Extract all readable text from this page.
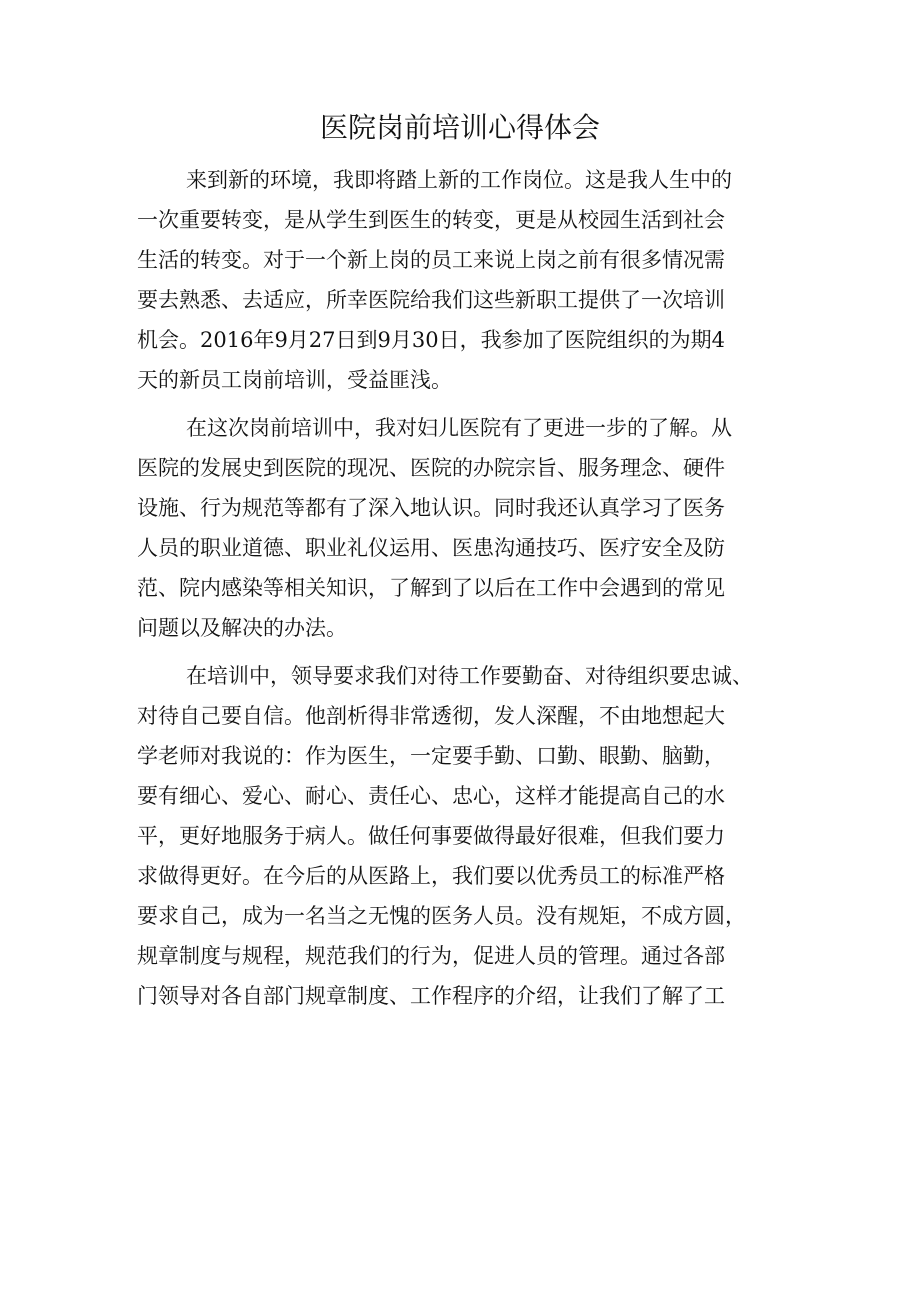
医院岗前培训心得体会

来到新的环境，我即将踏上新的工作岗位。这是我人生中的
一次重要转变，是从学生到医生的转变，更是从校园生活到社会
生活的转变。对于一个新上岗的员工来说上岗之前有很多情况需
要去熟悉、去适应，所幸医院给我们这些新职工提供了一次培训
机会。2016年9月27日到9月30日，我参加了医院组织的为期4
天的新员工岗前培训，受益匪浅。

在这次岗前培训中，我对妇儿医院有了更进一步的了解。从
医院的发展史到医院的现况、医院的办院宗旨、服务理念、硬件
设施、行为规范等都有了深入地认识。同时我还认真学习了医务
人员的职业道德、职业礼仪运用、医患沟通技巧、医疗安全及防
范、院内感染等相关知识，了解到了以后在工作中会遇到的常见
问题以及解决的办法。

在培训中，领导要求我们对待工作要勤奋、对待组织要忠诚、
对待自己要自信。他剖析得非常透彻，发人深醒，不由地想起大
学老师对我说的：作为医生，一定要手勤、口勤、眼勤、脑勤，
要有细心、爱心、耐心、责任心、忠心，这样才能提高自己的水
平，更好地服务于病人。做任何事要做得最好很难，但我们要力
求做得更好。在今后的从医路上，我们要以优秀员工的标准严格
要求自己，成为一名当之无愧的医务人员。没有规矩，不成方圆，
规章制度与规程，规范我们的行为，促进人员的管理。通过各部
门领导对各自部门规章制度、工作程序的介绍，让我们了解了工
